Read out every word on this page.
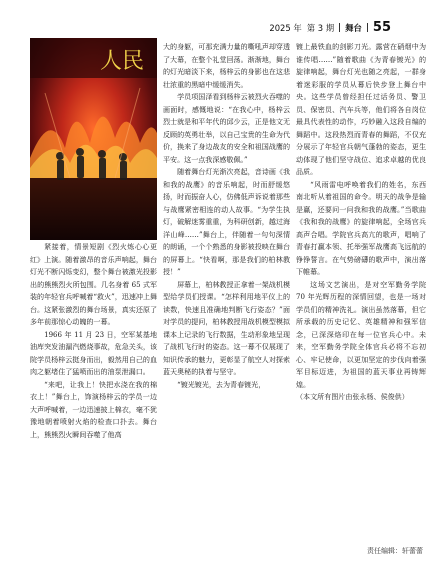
2025 年 第 3 期 舞台 55
人民

紧接着，情景短剧《烈火炼心心更红》上演。随着激昂的音乐声响起，舞台灯光不断闪烁变幻，整个舞台被激光投影出的熊熊烈火所包围。几名身着 65 式军装的年轻官兵呼喊着“救火”，迅速冲上舞台。这紧张激烈的舞台场景，真实还原了多年前那惊心动魄的一幕。

1966 年 11 月 23 日，空军某基地油库突发油漏汽燃烧事故，危急关头，该院学员杨梓云挺身而出，毅然用自己的血肉之躯堵住了猛喷而出的油泵泄漏口。

“来吧，让我上！快把水浇在我的棉衣上！”舞台上，饰演杨梓云的学员一边大声呼喊着，一边迅速披上棉衣，毫不犹豫地朝着喷射火焰的检查口扑去。舞台上，熊熊烈火瞬间吞噬了他高

大的身躯，可那充满力量的嘶吼声却穿透了大幕，在整个礼堂回荡。渐渐地，舞台的灯光暗淡下来，杨梓云的身影也在这悲壮浓重的黑暗中缓缓消失。

学员项国泽看到杨梓云被烈火吞噬的画面时，感慨地说：“在我心中，杨梓云烈士就是和平年代的邱少云，正是他文无反顾的英勇壮举，以自己宝贵的生命为代价，换来了身边战友的安全和祖国战鹰的平安。这一点我深感敬佩。”

随着舞台灯光渐次亮起，音诗画《我和我的战鹰》的音乐响起，时而舒缓悠扬，时而振奋人心，仿佛低声诉说着那些与战鹰紧密相连的动人故事。“为学生执灯，破解迷雾重重，为科研创新，越过海洋山峰……”舞台上，伴随着一句句深情的朗诵，一个个熟悉的身影被投映在舞台的屏幕上。“快看啊，那是我们的柏林教授！”

屏幕上，柏林教授正拿着一架战机模型给学员们授课。“怎样利用地平仪上的读数，快速且准确地判断飞行姿态？”面对学员的提问，柏林教授用战机模型模拟课本上记录的飞行数据，生动形象地呈现了战机飞行时的姿态。这一幕不仅展现了知识传承的魅力，更彰显了航空人对探索蓝天奥秘的执着与坚守。

“镀光镀光，去为青春镀光，

镀上最铁血的剑影刀光。露营在硝烟中为谁传唱……”随着歌曲《为青春镀光》的旋律响起，舞台灯光也随之亮起，一群身着迷彩服的学员从幕后快步登上舞台中央。这些学员曾经担任过话务员、警卫员、保密员、汽车兵等，他们将各自岗位最具代表性的动作，巧妙融入这段自编的舞蹈中。这段热烈而青春的舞蹈，不仅充分展示了年轻官兵朝气蓬勃的姿态，更生动体现了他们坚守战位、追求卓越的优良品质。

“风雨雷电呼唤着我们的姓名，东西南北听从着祖国的命令。明天的战争是输是赢，还要问一问我和我的战鹰。”当歌曲《我和我的战鹰》的旋律响起，全场官兵高声合唱。学院官兵高亢的歌声，唱响了青春打赢本领、托举强军战鹰高飞远航的铮铮誓言。在气势磅礴的歌声中，演出落下帷幕。

这场文艺演出，是对空军勤务学院 70 年光辉历程的深情回望，也是一场对学员们的精神洗礼。演出虽然落幕，但它所承载的历史记忆、英雄精神和强军信念，已深深烙印在每一位官兵心中。未来，空军勤务学院全体官兵必将不忘初心、牢记使命，以更加坚定的步伐向着强军目标迈进，为祖国的蓝天事业再铸辉煌。

（本文所有图片由张永杨、侯俊供）

责任编辑：轩蕾蕾
